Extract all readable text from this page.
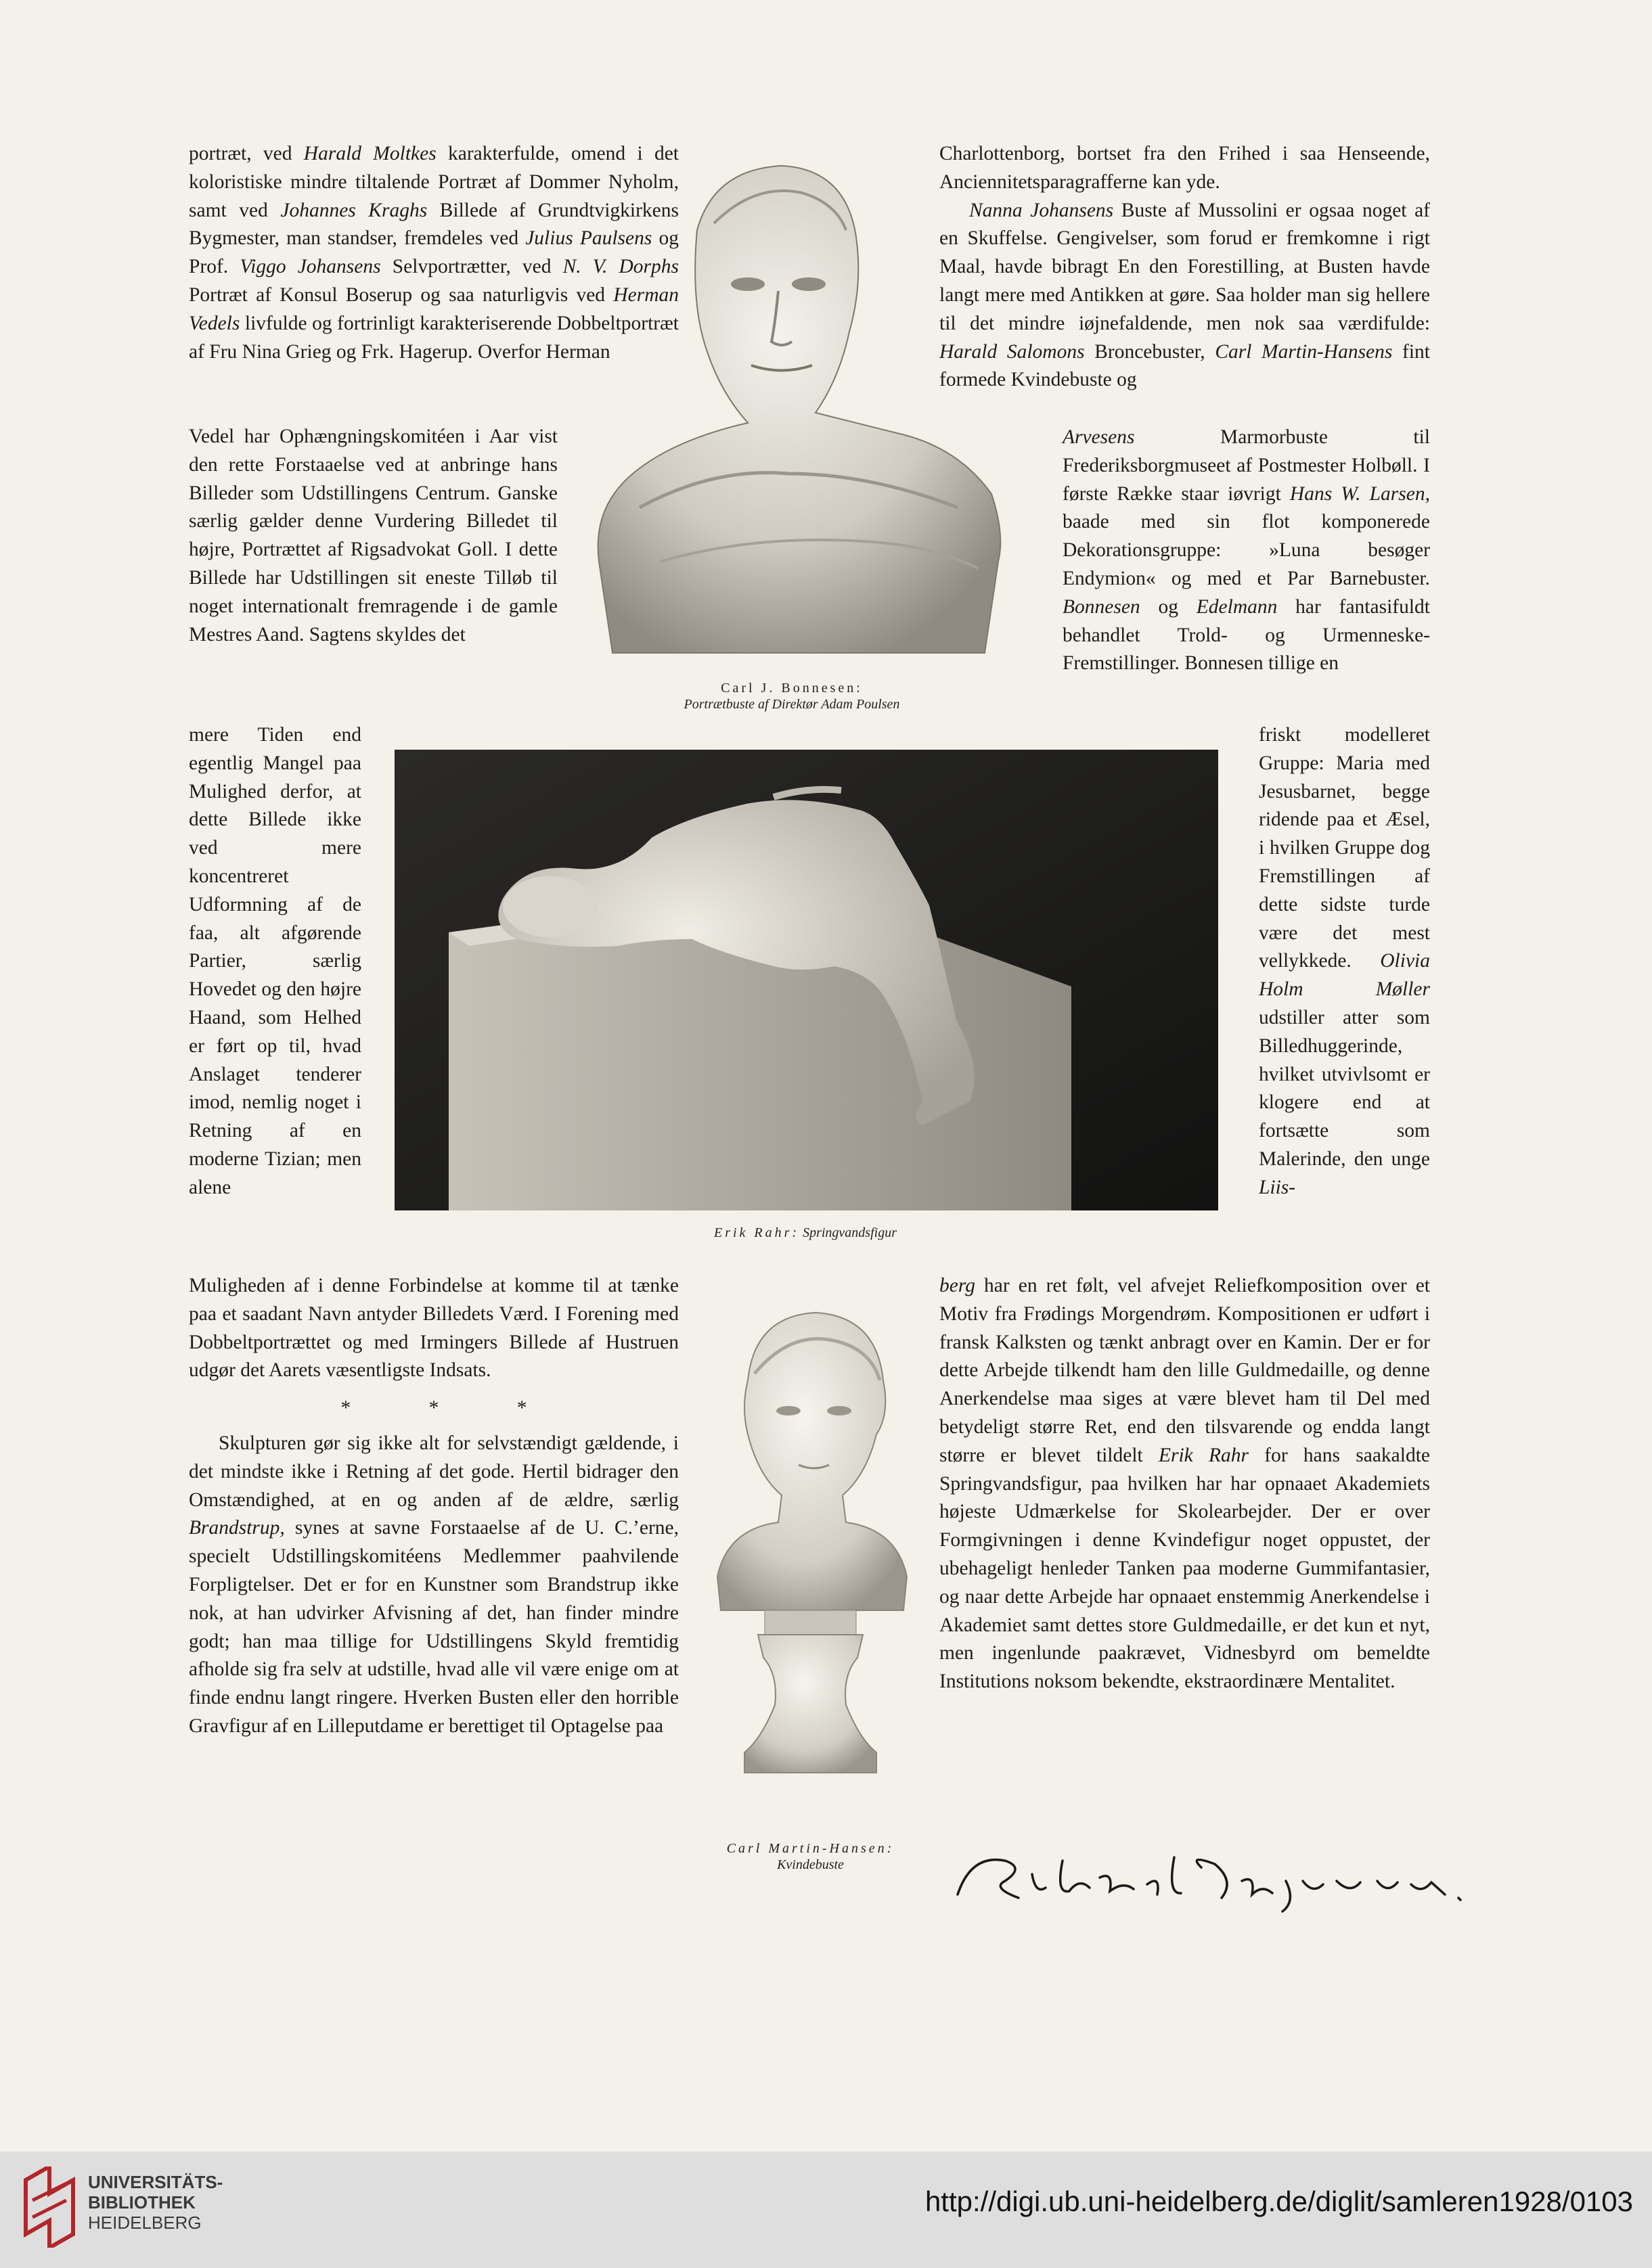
portræt, ved Harald Moltkes karakterfulde, omend i det koloristiske mindre tiltalende Portræt af Dommer Nyholm, samt ved Johannes Kraghs Billede af Grundtvigkirkens Bygmester, man standser, fremdeles ved Julius Paulsens og Prof. Viggo Johansens Selvportrætter, ved N. V. Dorphs Portræt af Konsul Boserup og saa naturligvis ved Herman Vedels livfulde og fortrinligt karakteriserende Dobbeltportræt af Fru Nina Grieg og Frk. Hagerup. Overfor Herman

Vedel har Ophængningskomitéen i Aar vist den rette Forstaaelse ved at anbringe hans Billeder som Udstillingens Centrum. Ganske særlig gælder denne Vurdering Billedet til højre, Portrættet af Rigsadvokat Goll. I dette Billede har Udstillingen sit eneste Tilløb til noget internationalt fremragende i de gamle Mestres Aand. Sagtens skyldes det

mere Tiden end egentlig Mangel paa Mulighed derfor, at dette Billede ikke ved mere koncentreret Udformning af de faa, alt afgørende Partier, særlig Hovedet og den højre Haand, som Helhed er ført op til, hvad Anslaget tenderer imod, nemlig noget i Retning af en moderne Tizian; men alene

Muligheden af i denne Forbindelse at komme til at tænke paa et saadant Navn antyder Billedets Værd. I Forening med Dobbeltportrættet og med Irmingers Billede af Hustruen udgør det Aarets væsentligste Indsats.

* * *

Skulpturen gør sig ikke alt for selvstændigt gældende, i det mindste ikke i Retning af det gode. Hertil bidrager den Omstændighed, at en og anden af de ældre, særlig Brandstrup, synes at savne Forstaaelse af de U. C.’erne, specielt Udstillingskomitéens Medlemmer paahvilende Forpligtelser. Det er for en Kunstner som Brandstrup ikke nok, at han udvirker Afvisning af det, han finder mindre godt; han maa tillige for Udstillingens Skyld fremtidig afholde sig fra selv at udstille, hvad alle vil være enige om at finde endnu langt ringere. Hverken Busten eller den horrible Gravfigur af en Lilleputdame er berettiget til Optagelse paa

Charlottenborg, bortset fra den Frihed i saa Henseende, Anciennitetsparagrafferne kan yde.

Nanna Johansens Buste af Mussolini er ogsaa noget af en Skuffelse. Gengivelser, som forud er fremkomne i rigt Maal, havde bibragt En den Forestilling, at Busten havde langt mere med Antikken at gøre. Saa holder man sig hellere til det mindre iøjnefaldende, men nok saa værdifulde: Harald Salomons Broncebuster, Carl Martin-Hansens fint formede Kvindebuste og

Arvesens Marmorbuste til Frederiksborgmuseet af Postmester Holbøll. I første Række staar iøvrigt Hans W. Larsen, baade med sin flot komponerede Dekorationsgruppe: »Luna besøger Endymion« og med et Par Barnebuster. Bonnesen og Edelmann har fantasifuldt behandlet Trold- og Urmenneske-Fremstillinger. Bonnesen tillige en

friskt modelleret Gruppe: Maria med Jesusbarnet, begge ridende paa et Æsel, i hvilken Gruppe dog Fremstillingen af dette sidste turde være det mest vellykkede. Olivia Holm Møller udstiller atter som Billedhuggerinde, hvilket utvivlsomt er klogere end at fortsætte som Malerinde, den unge Liis-

berg har en ret følt, vel afvejet Reliefkomposition over et Motiv fra Frødings Morgendrøm. Kompositionen er udført i fransk Kalksten og tænkt anbragt over en Kamin. Der er for dette Arbejde tilkendt ham den lille Guldmedaille, og denne Anerkendelse maa siges at være blevet ham til Del med betydeligt større Ret, end den tilsvarende og endda langt større er blevet tildelt Erik Rahr for hans saakaldte Springvandsfigur, paa hvilken har har opnaaet Akademiets højeste Udmærkelse for Skolearbejder. Der er over Formgivningen i denne Kvindefigur noget oppustet, der ubehageligt henleder Tanken paa moderne Gummifantasier, og naar dette Arbejde har opnaaet enstemmig Anerkendelse i Akademiet samt dettes store Guldmedaille, er det kun et nyt, men ingenlunde paakrævet, Vidnesbyrd om bemeldte Institutions noksom bekendte, ekstraordinære Mentalitet.

Carl J. Bonnesen:
Portrætbuste af Direktør Adam Poulsen
Erik Rahr: Springvandsfigur
Carl Martin-Hansen:
Kvindebuste
UNIVERSITÄTS-
BIBLIOTHEK
HEIDELBERG
http://digi.ub.uni-heidelberg.de/diglit/samleren1928/0103
